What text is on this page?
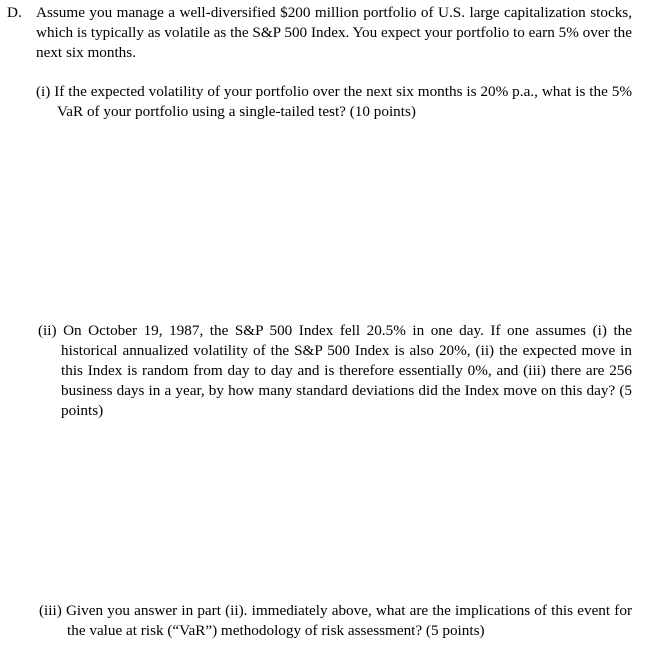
D. Assume you manage a well-diversified $200 million portfolio of U.S. large capitalization stocks, which is typically as volatile as the S&P 500 Index. You expect your portfolio to earn 5% over the next six months.
(i) If the expected volatility of your portfolio over the next six months is 20% p.a., what is the 5% VaR of your portfolio using a single-tailed test? (10 points)
(ii) On October 19, 1987, the S&P 500 Index fell 20.5% in one day. If one assumes (i) the historical annualized volatility of the S&P 500 Index is also 20%, (ii) the expected move in this Index is random from day to day and is therefore essentially 0%, and (iii) there are 256 business days in a year, by how many standard deviations did the Index move on this day? (5 points)
(iii) Given you answer in part (ii). immediately above, what are the implications of this event for the value at risk (“VaR”) methodology of risk assessment? (5 points)
